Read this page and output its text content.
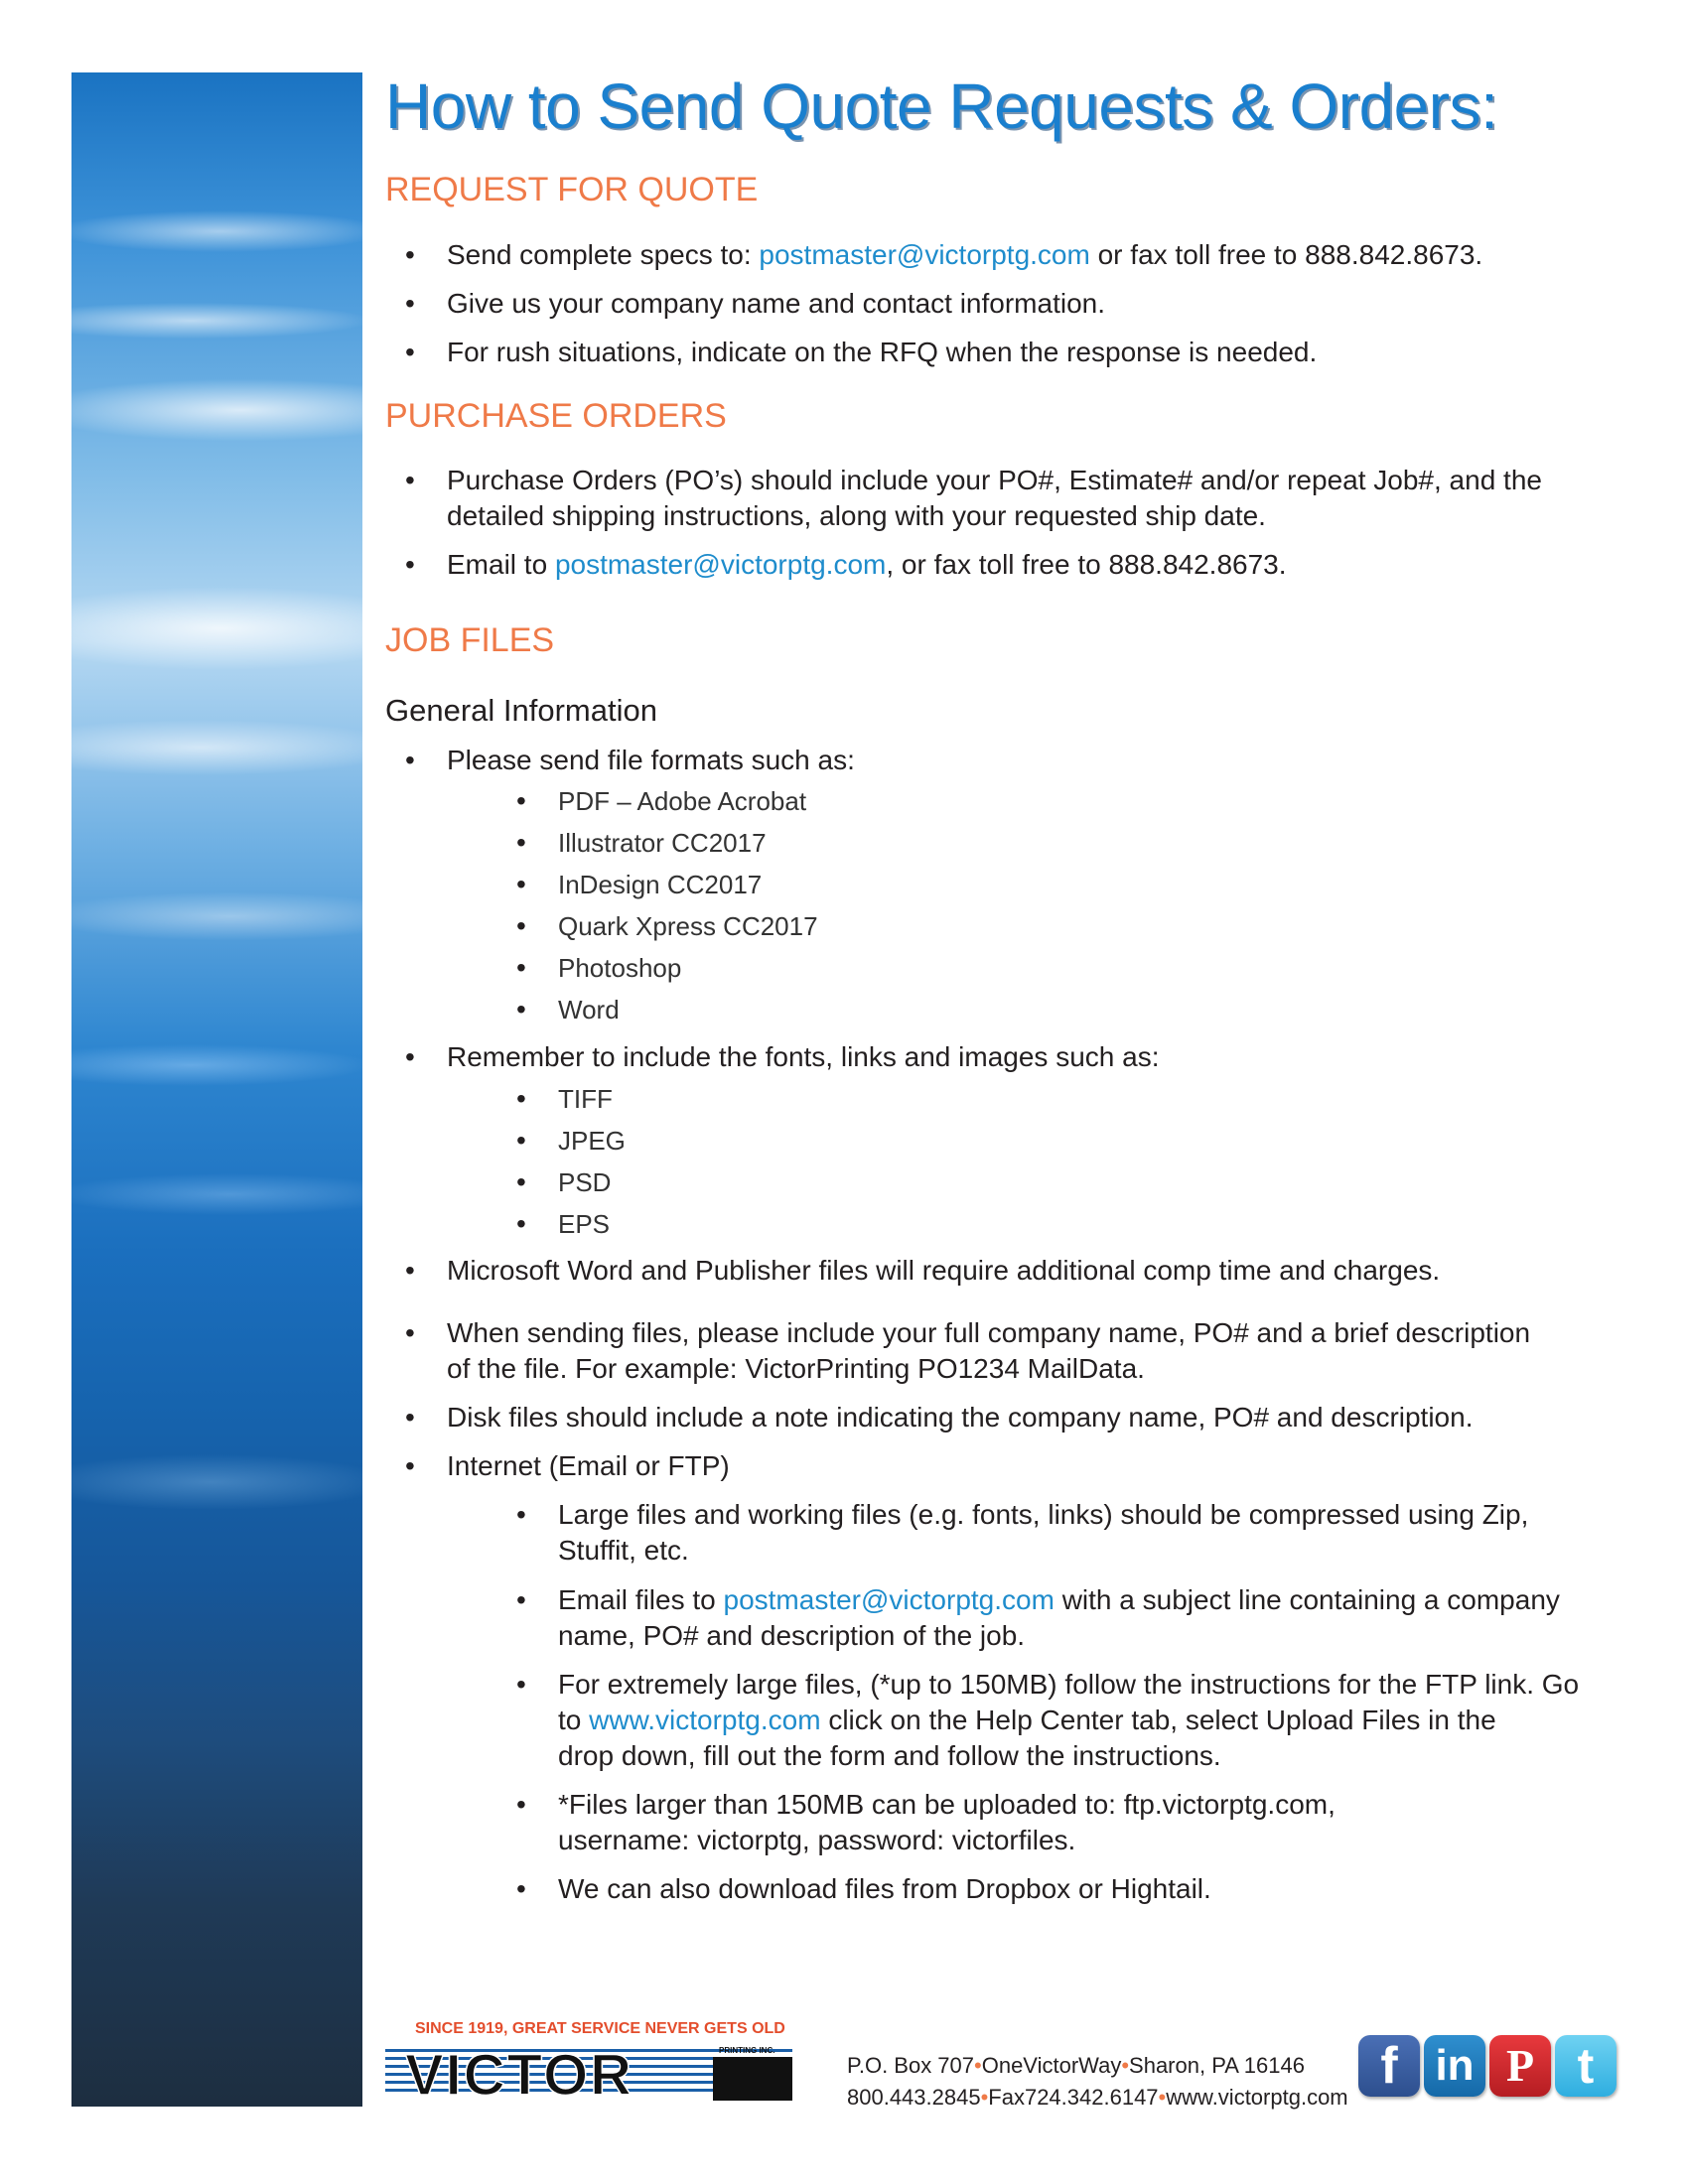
How to Send Quote Requests & Orders:
REQUEST FOR QUOTE
• Send complete specs to: postmaster@victorptg.com or fax toll free to 888.842.8673.
• Give us your company name and contact information.
• For rush situations, indicate on the RFQ when the response is needed.
PURCHASE ORDERS
• Purchase Orders (PO’s) should include your PO#, Estimate# and/or repeat Job#, and the
detailed shipping instructions, along with your requested ship date.
• Email to postmaster@victorptg.com, or fax toll free to 888.842.8673.
JOB FILES
General Information
• Please send file formats such as:
• PDF – Adobe Acrobat
• Illustrator CC2017
• InDesign CC2017
• Quark Xpress CC2017
• Photoshop
• Word
• Remember to include the fonts, links and images such as:
• TIFF
• JPEG
• PSD
• EPS
• Microsoft Word and Publisher files will require additional comp time and charges.
• When sending files, please include your full company name, PO# and a brief description
of the file. For example: VictorPrinting PO1234 MailData.
• Disk files should include a note indicating the company name, PO# and description.
• Internet (Email or FTP)
• Large files and working files (e.g. fonts, links) should be compressed using Zip,
Stuffit, etc.
• Email files to postmaster@victorptg.com with a subject line containing a company
name, PO# and description of the job.
• For extremely large files, (*up to 150MB) follow the instructions for the FTP link. Go
to www.victorptg.com click on the Help Center tab, select Upload Files in the
drop down, fill out the form and follow the instructions.
• *Files larger than 150MB can be uploaded to: ftp.victorptg.com,
username: victorptg, password: victorfiles.
• We can also download files from Dropbox or Hightail.
SINCE 1919, GREAT SERVICE NEVER GETS OLD
VICTOR	PRINTING INC.
P.O. Box 707•OneVictorWay•Sharon, PA 16146
800.443.2845•Fax724.342.6147•www.victorptg.com
f in P t
